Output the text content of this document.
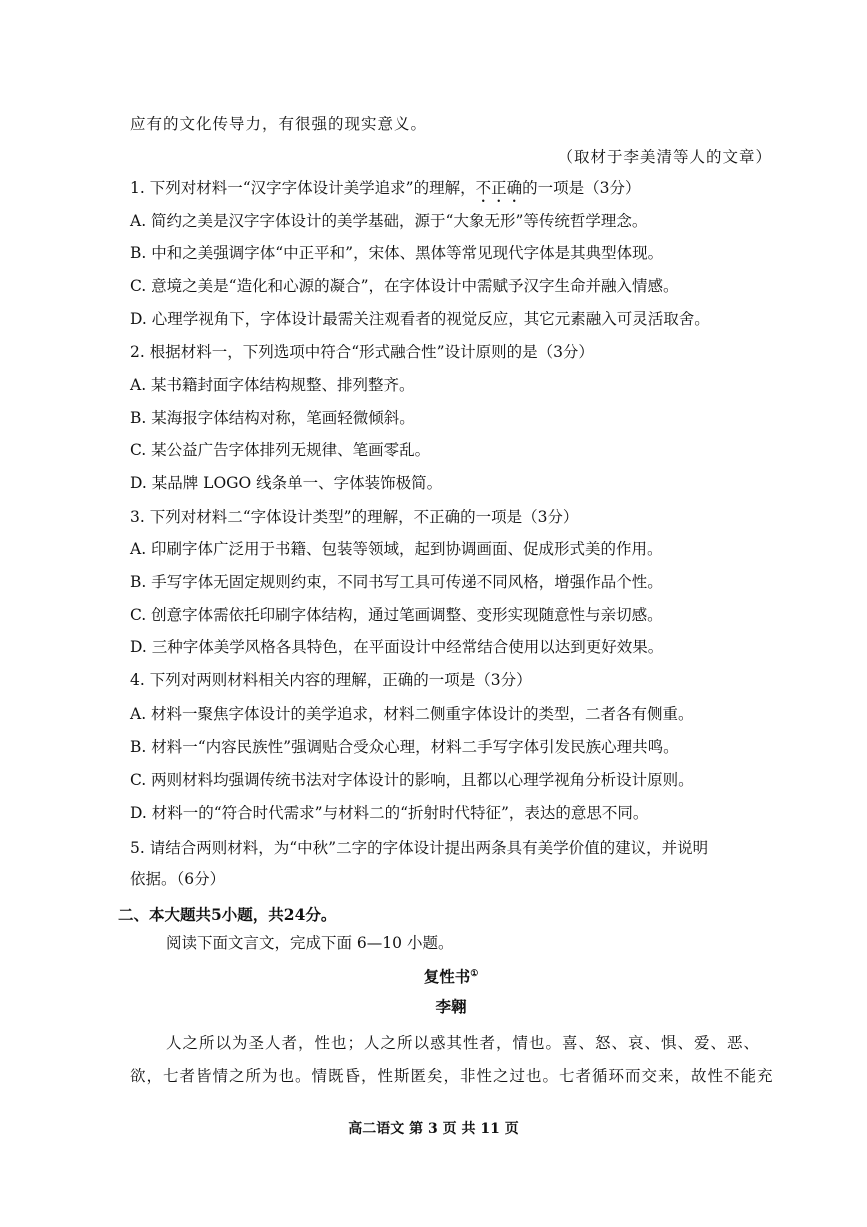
应有的文化传导力，有很强的现实意义。
（取材于李美清等人的文章）
1. 下列对材料一“汉字字体设计美学追求”的理解，不正确的一项是（3分）
A. 简约之美是汉字字体设计的美学基础，源于“大象无形”等传统哲学理念。
B. 中和之美强调字体“中正平和”，宋体、黑体等常见现代字体是其典型体现。
C. 意境之美是“造化和心源的凝合”，在字体设计中需赋予汉字生命并融入情感。
D. 心理学视角下，字体设计最需关注观看者的视觉反应，其它元素融入可灵活取舍。
2. 根据材料一，下列选项中符合“形式融合性”设计原则的是（3分）
A. 某书籍封面字体结构规整、排列整齐。
B. 某海报字体结构对称，笔画轻微倾斜。
C. 某公益广告字体排列无规律、笔画零乱。
D. 某品牌 LOGO 线条单一、字体装饰极简。
3. 下列对材料二“字体设计类型”的理解，不正确的一项是（3分）
A. 印刷字体广泛用于书籍、包装等领域，起到协调画面、促成形式美的作用。
B. 手写字体无固定规则约束，不同书写工具可传递不同风格，增强作品个性。
C. 创意字体需依托印刷字体结构，通过笔画调整、变形实现随意性与亲切感。
D. 三种字体美学风格各具特色，在平面设计中经常结合使用以达到更好效果。
4. 下列对两则材料相关内容的理解，正确的一项是（3分）
A. 材料一聚焦字体设计的美学追求，材料二侧重字体设计的类型，二者各有侧重。
B. 材料一“内容民族性”强调贴合受众心理，材料二手写字体引发民族心理共鸣。
C. 两则材料均强调传统书法对字体设计的影响，且都以心理学视角分析设计原则。
D. 材料一的“符合时代需求”与材料二的“折射时代特征”，表达的意思不同。
5. 请结合两则材料，为“中秋”二字的字体设计提出两条具有美学价值的建议，并说明
依据。（6分）
二、本大题共5小题，共24分。
阅读下面文言文，完成下面 6—10 小题。
复性书①
李翱
人之所以为圣人者，性也；人之所以惑其性者，情也。喜、怒、哀、惧、爱、恶、
欲，七者皆情之所为也。情既昏，性斯匿矣，非性之过也。七者循环而交来，故性不能充
高二语文 第 3 页 共 11 页
